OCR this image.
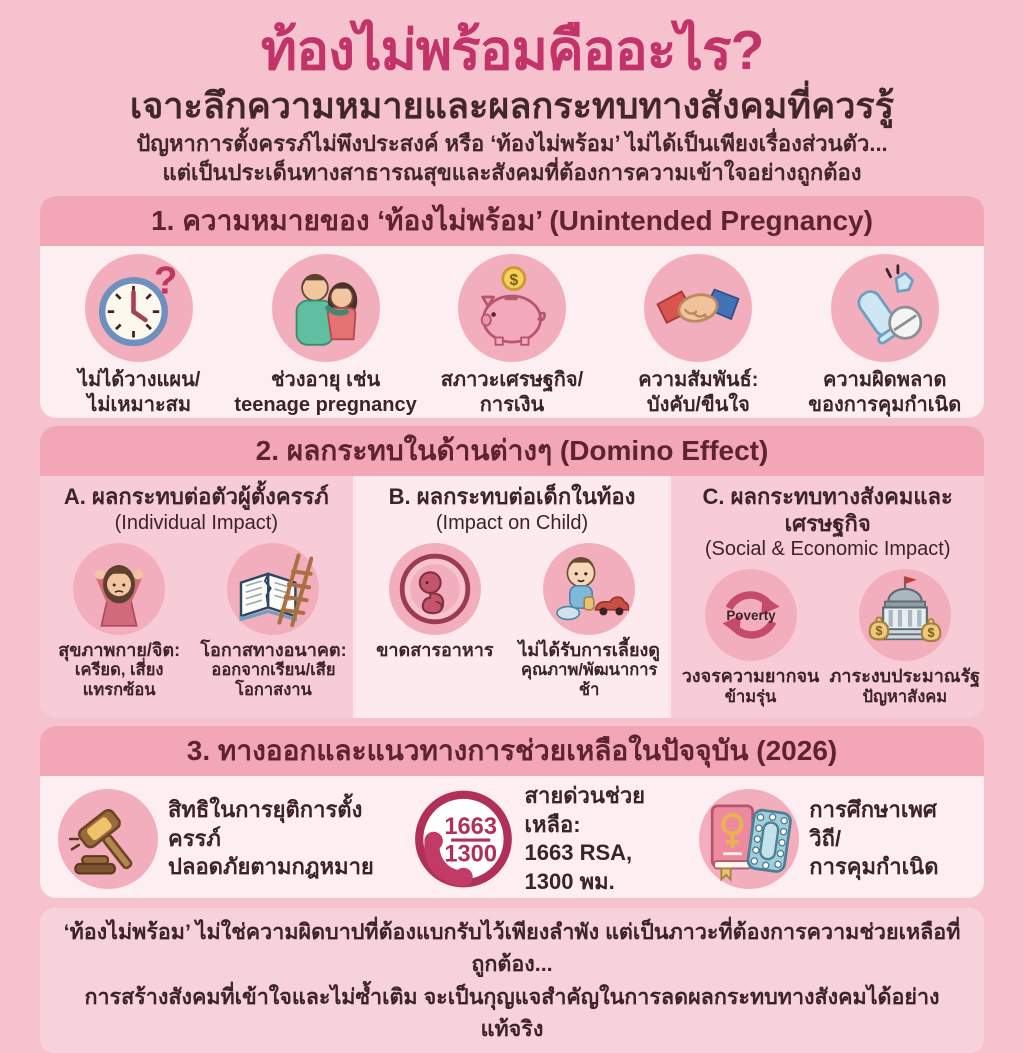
ท้องไม่พร้อมคืออะไร?
เจาะลึกความหมายและผลกระทบทางสังคมที่ควรรู้
ปัญหาการตั้งครรภ์ไม่พึงประสงค์ หรือ ‘ท้องไม่พร้อม’ ไม่ได้เป็นเพียงเรื่องส่วนตัว...
แต่เป็นประเด็นทางสาธารณสุขและสังคมที่ต้องการความเข้าใจอย่างถูกต้อง
1. ความหมายของ ‘ท้องไม่พร้อม’ (Unintended Pregnancy)
?
ไม่ได้วางแผน/
ไม่เหมาะสม
ช่วงอายุ เช่น
teenage pregnancy
$
สภาวะเศรษฐกิจ/
การเงิน
ความสัมพันธ์:
บังคับ/ขืนใจ
ความผิดพลาด
ของการคุมกำเนิด
2. ผลกระทบในด้านต่างๆ (Domino Effect)
A. ผลกระทบต่อตัวผู้ตั้งครรภ์
(Individual Impact)
สุขภาพกาย/จิต:
เครียด, เสี่ยงแทรกซ้อน
โอกาสทางอนาคต:
ออกจากเรียน/เสียโอกาสงาน
B. ผลกระทบต่อเด็กในท้อง
(Impact on Child)
ขาดสารอาหาร ไม่ได้รับการเลี้ยงดู
คุณภาพ/พัฒนาการช้า
C. ผลกระทบทางสังคมและเศรษฐกิจ
(Social & Economic Impact)
Poverty
วงจรความยากจน
ข้ามรุ่น
$	$
ภาระงบประมาณรัฐ
ปัญหาสังคม
3. ทางออกและแนวทางการช่วยเหลือในปัจจุบัน (2026)
สิทธิในการยุติการตั้งครรภ์
ปลอดภัยตามกฎหมาย
1663
1300
สายด่วนช่วยเหลือ:
1663 RSA,
1300 พม.
การศึกษาเพศวิถี/
การคุมกำเนิด
‘ท้องไม่พร้อม’ ไม่ใช่ความผิดบาปที่ต้องแบกรับไว้เพียงลำพัง แต่เป็นภาวะที่ต้องการความช่วยเหลือที่ถูกต้อง...
การสร้างสังคมที่เข้าใจและไม่ซ้ำเติม จะเป็นกุญแจสำคัญในการลดผลกระทบทางสังคมได้อย่างแท้จริง
